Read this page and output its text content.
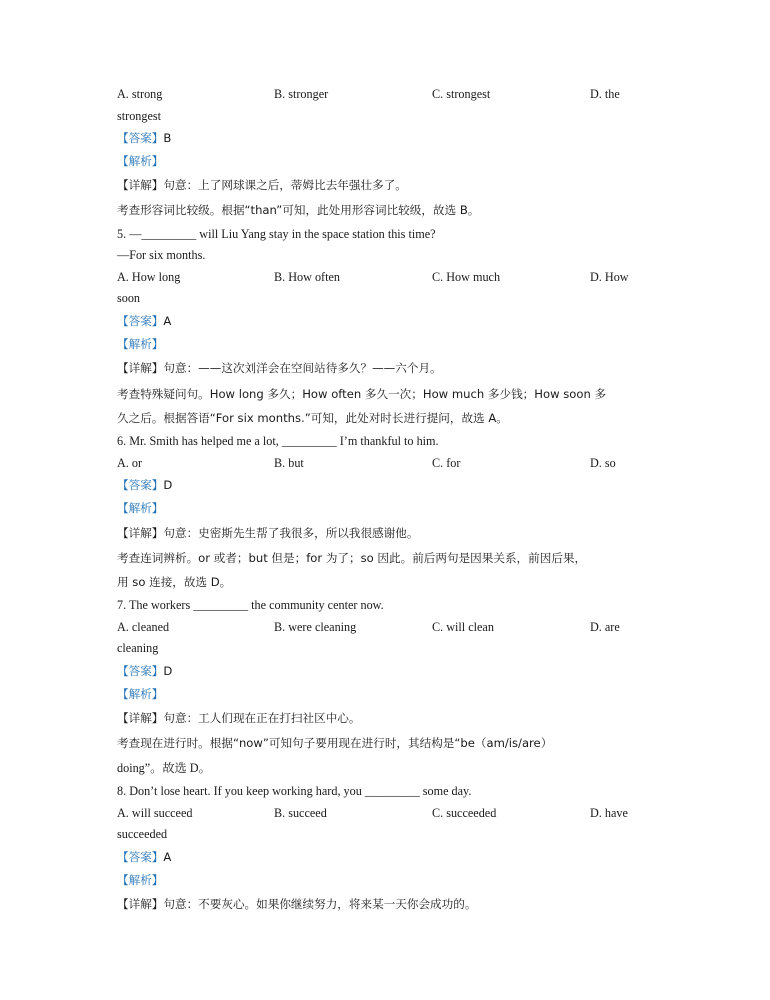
A. strong	B. stronger	C. strongest	D. the
strongest
【答案】B
【解析】
【详解】句意：上了网球课之后，蒂姆比去年强壮多了。
考查形容词比较级。根据“than”可知，此处用形容词比较级，故选 B。
5. —_________ will Liu Yang stay in the space station this time?
—For six months.
A. How long	B. How often	C. How much	D. How
soon
【答案】A
【解析】
【详解】句意：——这次刘洋会在空间站待多久？——六个月。
考查特殊疑问句。How long 多久；How often 多久一次；How much 多少钱；How soon 多
久之后。根据答语“For six months.”可知，此处对时长进行提问，故选 A。
6. Mr. Smith has helped me a lot, _________ I’m thankful to him.
A. or	B. but	C. for	D. so
【答案】D
【解析】
【详解】句意：史密斯先生帮了我很多，所以我很感谢他。
考查连词辨析。or 或者；but 但是；for 为了；so 因此。前后两句是因果关系，前因后果，
用 so 连接，故选 D。
7. The workers _________ the community center now.
A. cleaned	B. were cleaning	C. will clean	D. are
cleaning
【答案】D
【解析】
【详解】句意：工人们现在正在打扫社区中心。
考查现在进行时。根据“now”可知句子要用现在进行时，其结构是“be（am/is/are）
doing”。故选 D。
8. Don’t lose heart. If you keep working hard, you _________ some day.
A. will succeed	B. succeed	C. succeeded	D. have
succeeded
【答案】A
【解析】
【详解】句意：不要灰心。如果你继续努力，将来某一天你会成功的。
